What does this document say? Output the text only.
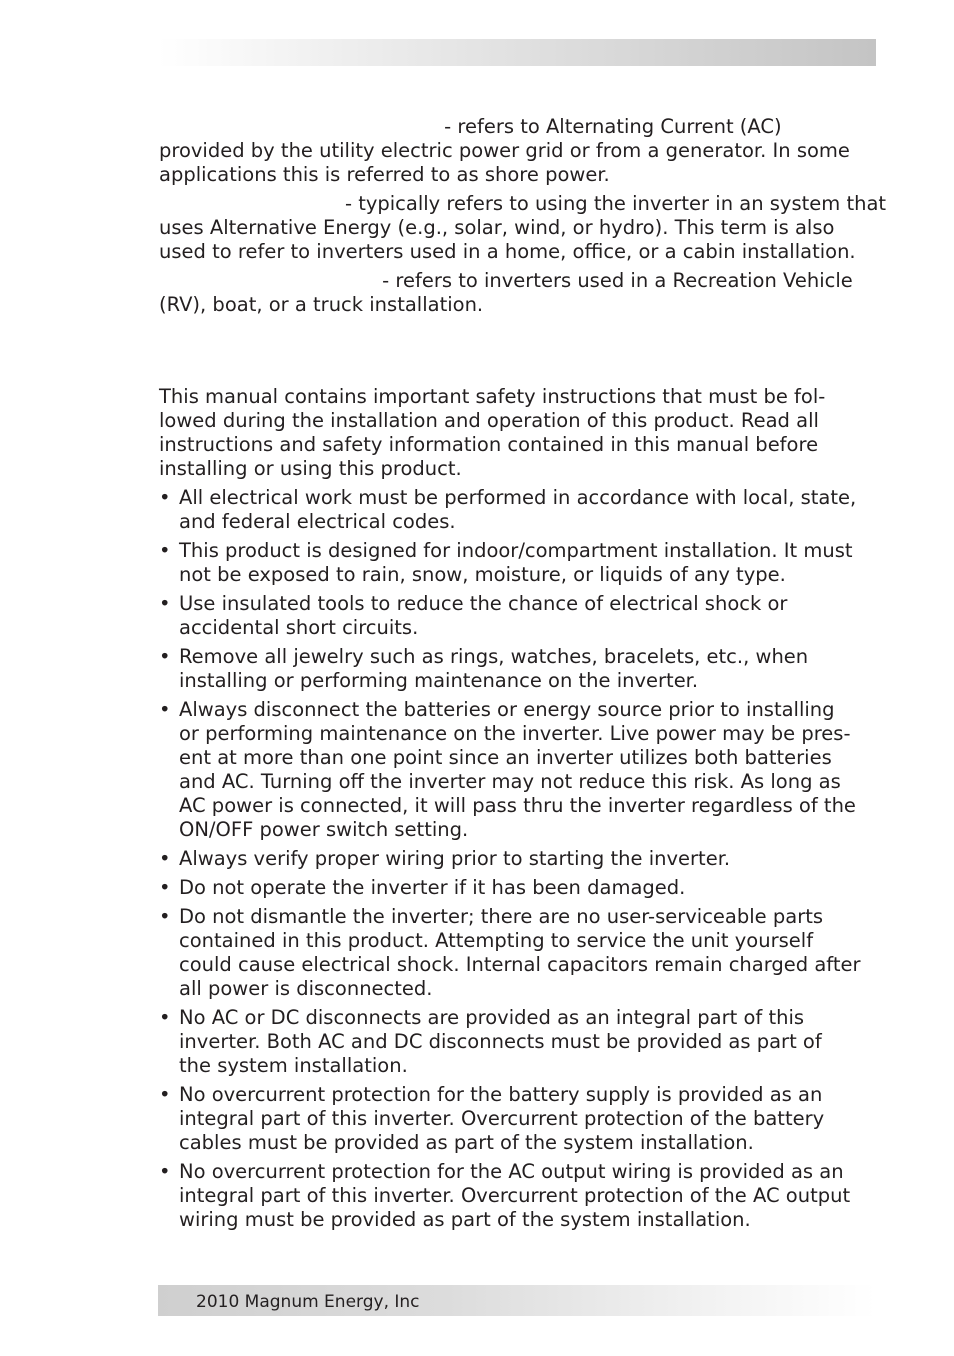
- refers to Alternating Current (AC)
provided by the utility electric power grid or from a generator. In some
applications this is referred to as shore power.

- typically refers to using the inverter in an system that
uses Alternative Energy (e.g., solar, wind, or hydro). This term is also
used to refer to inverters used in a home, office, or a cabin installation.

- refers to inverters used in a Recreation Vehicle
(RV), boat, or a truck installation.

This manual contains important safety instructions that must be fol-
lowed during the installation and operation of this product. Read all
instructions and safety information contained in this manual before
installing or using this product.

• All electrical work must be performed in accordance with local, state,
and federal electrical codes.
• This product is designed for indoor/compartment installation. It must
not be exposed to rain, snow, moisture, or liquids of any type.
• Use insulated tools to reduce the chance of electrical shock or
accidental short circuits.
• Remove all jewelry such as rings, watches, bracelets, etc., when
installing or performing maintenance on the inverter.
• Always disconnect the batteries or energy source prior to installing
or performing maintenance on the inverter. Live power may be pres-
ent at more than one point since an inverter utilizes both batteries
and AC. Turning off the inverter may not reduce this risk. As long as
AC power is connected, it will pass thru the inverter regardless of the
ON/OFF power switch setting.
• Always verify proper wiring prior to starting the inverter.
• Do not operate the inverter if it has been damaged.
• Do not dismantle the inverter; there are no user-serviceable parts
contained in this product. Attempting to service the unit yourself
could cause electrical shock. Internal capacitors remain charged after
all power is disconnected.
• No AC or DC disconnects are provided as an integral part of this
inverter. Both AC and DC disconnects must be provided as part of
the system installation.
• No overcurrent protection for the battery supply is provided as an
integral part of this inverter. Overcurrent protection of the battery
cables must be provided as part of the system installation.
• No overcurrent protection for the AC output wiring is provided as an
integral part of this inverter. Overcurrent protection of the AC output
wiring must be provided as part of the system installation.
2010 Magnum Energy, Inc
